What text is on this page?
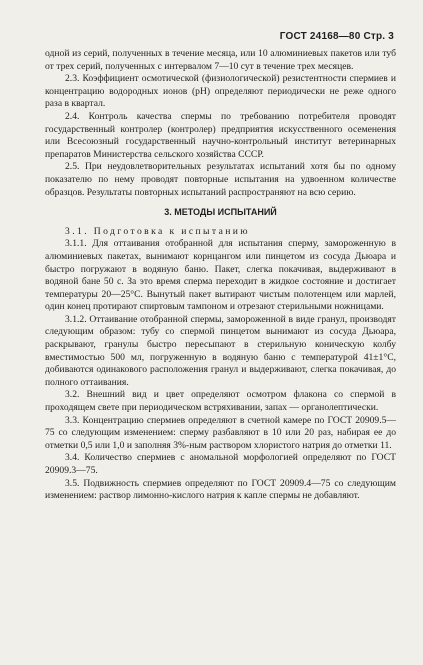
ГОСТ 24168—80 Стр. 3

одной из серий, полученных в течение месяца, или 10 алюминиевых пакетов или туб от трех серий, полученных с интервалом 7—10 сут в течение трех месяцев.

2.3. Коэффициент осмотической (физиологической) резистентности спермиев и концентрацию водородных ионов (pH) определяют периодически не реже одного раза в квартал.

2.4. Контроль качества спермы по требованию потребителя проводят государственный контролер (контролер) предприятия искусственного осеменения или Всесоюзный государственный научно-контрольный институт ветеринарных препаратов Министерства сельского хозяйства СССР.

2.5. При неудовлетворительных результатах испытаний хотя бы по одному показателю по нему проводят повторные испытания на удвоенном количестве образцов. Результаты повторных испытаний распространяют на всю серию.

3. МЕТОДЫ ИСПЫТАНИЙ

3.1. Подготовка к испытанию

3.1.1. Для оттаивания отобранной для испытания сперму, замороженную в алюминиевых пакетах, вынимают корнцангом или пинцетом из сосуда Дьюара и быстро погружают в водяную баню. Пакет, слегка покачивая, выдерживают в водяной бане 50 с. За это время сперма переходит в жидкое состояние и достигает температуры 20—25°С. Вынутый пакет вытирают чистым полотенцем или марлей, один конец протирают спиртовым тампоном и отрезают стерильными ножницами.

3.1.2. Оттаивание отобранной спермы, замороженной в виде гранул, производят следующим образом: тубу со спермой пинцетом вынимают из сосуда Дьюара, раскрывают, гранулы быстро пересыпают в стерильную коническую колбу вместимостью 500 мл, погруженную в водяную баню с температурой 41±1°С, добиваются одинакового расположения гранул и выдерживают, слегка покачивая, до полного оттаивания.

3.2. Внешний вид и цвет определяют осмотром флакона со спермой в проходящем свете при периодическом встряхивании, запах — органолептически.

3.3. Концентрацию спермиев определяют в счетной камере по ГОСТ 20909.5—75 со следующим изменением: сперму разбавляют в 10 или 20 раз, набирая ее до отметки 0,5 или 1,0 и заполняя 3%-ным раствором хлористого натрия до отметки 11.

3.4. Количество спермиев с аномальной морфологией определяют по ГОСТ 20909.3—75.

3.5. Подвижность спермиев определяют по ГОСТ 20909.4—75 со следующим изменением: раствор лимонно-кислого натрия к капле спермы не добавляют.
